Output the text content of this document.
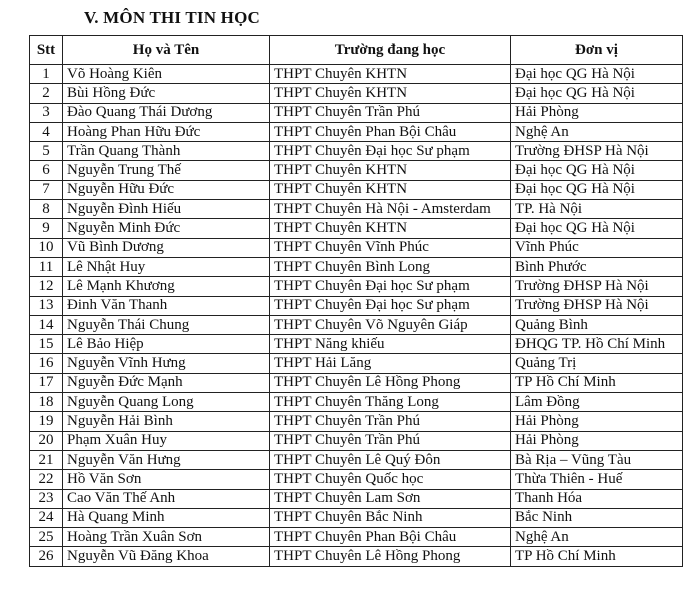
V. MÔN THI TIN HỌC
Stt	Họ và Tên	Trường đang học	Đơn vị
1	Võ Hoàng Kiên	THPT Chuyên KHTN	Đại học QG Hà Nội
2	Bùi Hồng Đức	THPT Chuyên KHTN	Đại học QG Hà Nội
3	Đào Quang Thái Dương	THPT Chuyên Trần Phú	Hải Phòng
4	Hoàng Phan Hữu Đức	THPT Chuyên Phan Bội Châu	Nghệ An
5	Trần Quang Thành	THPT Chuyên Đại học Sư phạm	Trường ĐHSP Hà Nội
6	Nguyễn Trung Thế	THPT Chuyên KHTN	Đại học QG Hà Nội
7	Nguyễn Hữu Đức	THPT Chuyên KHTN	Đại học QG Hà Nội
8	Nguyễn Đình Hiếu	THPT Chuyên Hà Nội - Amsterdam	TP. Hà Nội
9	Nguyễn Minh Đức	THPT Chuyên KHTN	Đại học QG Hà Nội
10	Vũ Bình Dương	THPT Chuyên Vĩnh Phúc	Vĩnh Phúc
11	Lê Nhật Huy	THPT Chuyên Bình Long	Bình Phước
12	Lê Mạnh Khương	THPT Chuyên Đại học Sư phạm	Trường ĐHSP Hà Nội
13	Đinh Văn Thanh	THPT Chuyên Đại học Sư phạm	Trường ĐHSP Hà Nội
14	Nguyễn Thái Chung	THPT Chuyên Võ Nguyên Giáp	Quảng Bình
15	Lê Bảo Hiệp	THPT Năng khiếu	ĐHQG TP. Hồ Chí Minh
16	Nguyễn Vĩnh Hưng	THPT Hải Lăng	Quảng Trị
17	Nguyễn Đức Mạnh	THPT Chuyên Lê Hồng Phong	TP Hồ Chí Minh
18	Nguyễn Quang Long	THPT Chuyên Thăng Long	Lâm Đồng
19	Nguyễn Hải Bình	THPT Chuyên Trần Phú	Hải Phòng
20	Phạm Xuân Huy	THPT Chuyên Trần Phú	Hải Phòng
21	Nguyễn Văn Hưng	THPT Chuyên Lê Quý Đôn	Bà Rịa – Vũng Tàu
22	Hồ Văn Sơn	THPT Chuyên Quốc học	Thừa Thiên - Huế
23	Cao Văn Thế Anh	THPT Chuyên Lam Sơn	Thanh Hóa
24	Hà Quang Minh	THPT Chuyên Bắc Ninh	Bắc Ninh
25	Hoàng Trần Xuân Sơn	THPT Chuyên Phan Bội Châu	Nghệ An
26	Nguyễn Vũ Đăng Khoa	THPT Chuyên Lê Hồng Phong	TP Hồ Chí Minh
